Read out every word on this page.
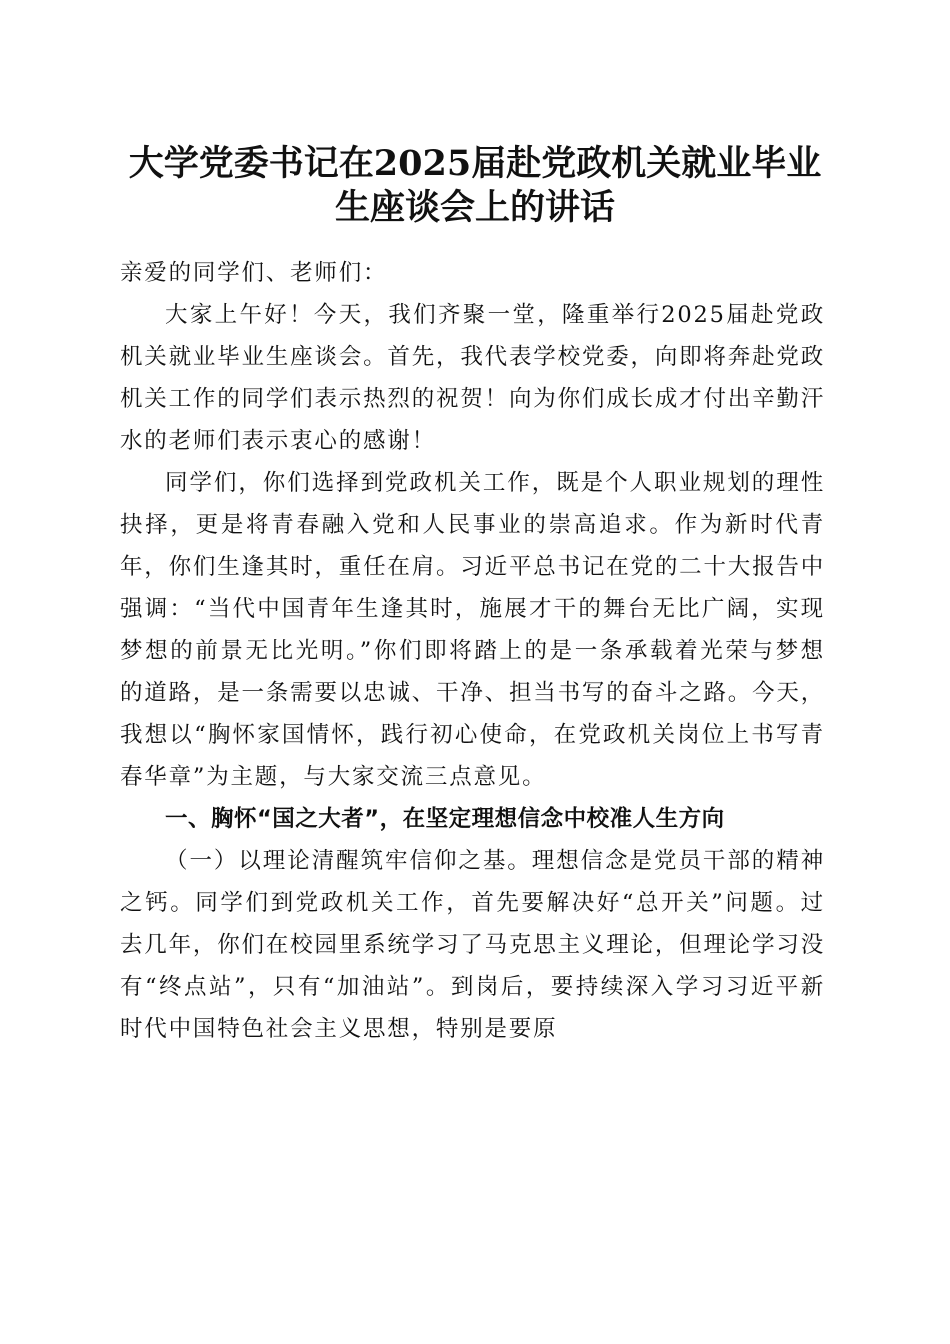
大学党委书记在2025届赴党政机关就业毕业
生座谈会上的讲话

亲爱的同学们、老师们：

大家上午好！今天，我们齐聚一堂，隆重举行2025届赴党政机关就业毕业生座谈会。首先，我代表学校党委，向即将奔赴党政机关工作的同学们表示热烈的祝贺！向为你们成长成才付出辛勤汗水的老师们表示衷心的感谢！

同学们，你们选择到党政机关工作，既是个人职业规划的理性抉择，更是将青春融入党和人民事业的崇高追求。作为新时代青年，你们生逢其时，重任在肩。习近平总书记在党的二十大报告中强调：“当代中国青年生逢其时，施展才干的舞台无比广阔，实现梦想的前景无比光明。”你们即将踏上的是一条承载着光荣与梦想的道路，是一条需要以忠诚、干净、担当书写的奋斗之路。今天，我想以“胸怀家国情怀，践行初心使命，在党政机关岗位上书写青春华章”为主题，与大家交流三点意见。

一、胸怀“国之大者”，在坚定理想信念中校准人生方向

（一）以理论清醒筑牢信仰之基。理想信念是党员干部的精神之钙。同学们到党政机关工作，首先要解决好“总开关”问题。过去几年，你们在校园里系统学习了马克思主义理论，但理论学习没有“终点站”，只有“加油站”。到岗后，要持续深入学习习近平新时代中国特色社会主义思想，特别是要原
